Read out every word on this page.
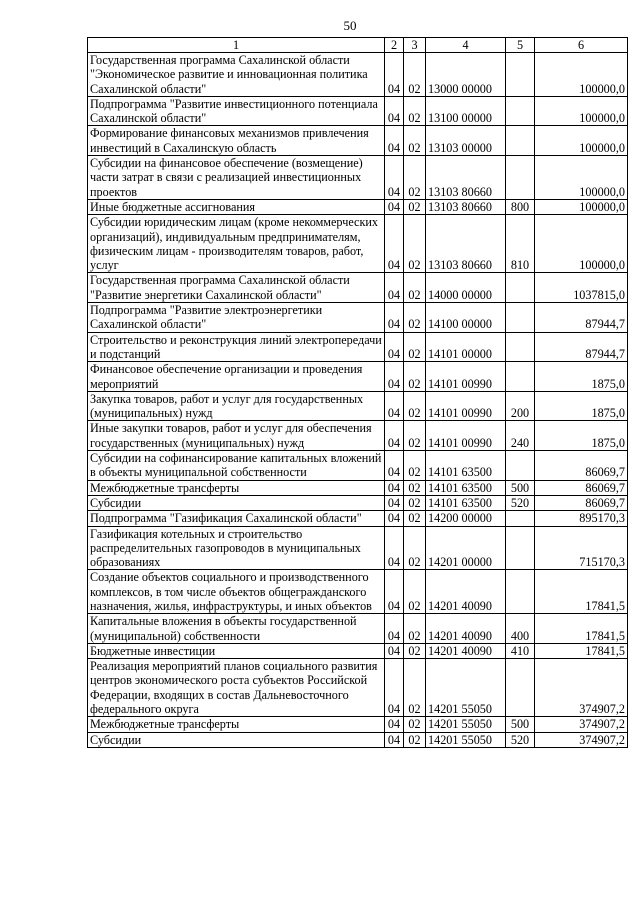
50
1	2	3	4	5	6
Государственная программа Сахалинской области "Экономическое развитие и инновационная политика Сахалинской области"	04	02	13000 00000		100000,0
Подпрограмма "Развитие инвестиционного потенциала Сахалинской области"	04	02	13100 00000		100000,0
Формирование финансовых механизмов привлечения инвестиций в Сахалинскую область	04	02	13103 00000		100000,0
Субсидии на финансовое обеспечение (возмещение) части затрат в связи с реализацией инвестиционных проектов	04	02	13103 80660		100000,0
Иные бюджетные ассигнования	04	02	13103 80660	800	100000,0
Субсидии юридическим лицам (кроме некоммерческих организаций), индивидуальным предпринимателям, физическим лицам - производителям товаров, работ, услуг	04	02	13103 80660	810	100000,0
Государственная программа Сахалинской области "Развитие энергетики Сахалинской области"	04	02	14000 00000		1037815,0
Подпрограмма "Развитие электроэнергетики Сахалинской области"	04	02	14100 00000		87944,7
Строительство и реконструкция линий электропередачи и подстанций	04	02	14101 00000		87944,7
Финансовое обеспечение организации и проведения мероприятий	04	02	14101 00990		1875,0
Закупка товаров, работ и услуг для государственных (муниципальных) нужд	04	02	14101 00990	200	1875,0
Иные закупки товаров, работ и услуг для обеспечения государственных (муниципальных) нужд	04	02	14101 00990	240	1875,0
Субсидии на софинансирование капитальных вложений в объекты муниципальной собственности	04	02	14101 63500		86069,7
Межбюджетные трансферты	04	02	14101 63500	500	86069,7
Субсидии	04	02	14101 63500	520	86069,7
Подпрограмма "Газификация Сахалинской области"	04	02	14200 00000		895170,3
Газификация котельных и строительство распределительных газопроводов в муниципальных образованиях	04	02	14201 00000		715170,3
Создание объектов социального и производственного комплексов, в том числе объектов общегражданского назначения, жилья, инфраструктуры, и иных объектов	04	02	14201 40090		17841,5
Капитальные вложения в объекты государственной (муниципальной) собственности	04	02	14201 40090	400	17841,5
Бюджетные инвестиции	04	02	14201 40090	410	17841,5
Реализация мероприятий планов социального развития центров экономического роста субъектов Российской Федерации, входящих в состав Дальневосточного федерального округа	04	02	14201 55050		374907,2
Межбюджетные трансферты	04	02	14201 55050	500	374907,2
Субсидии	04	02	14201 55050	520	374907,2
